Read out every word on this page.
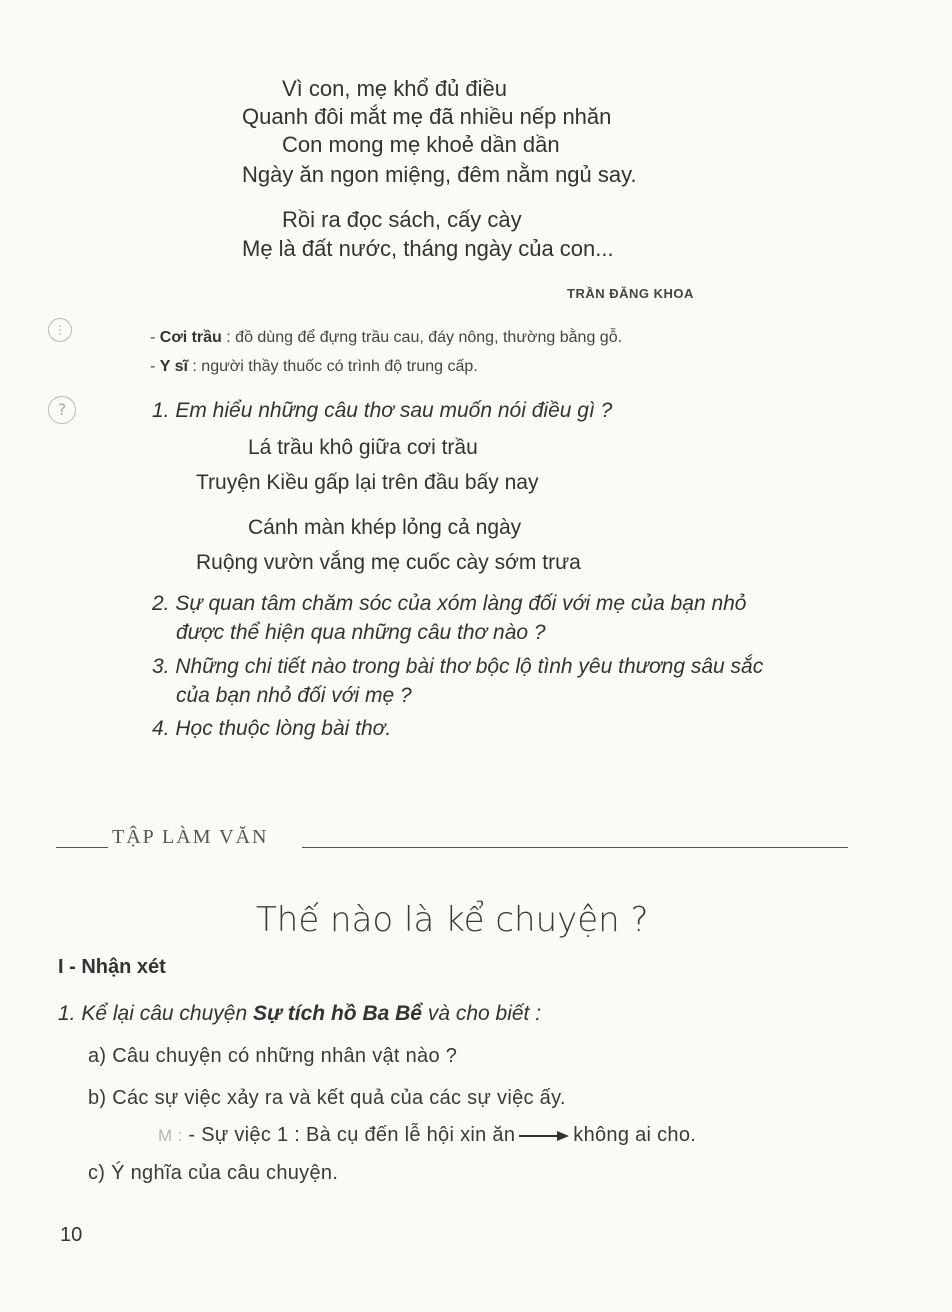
Vì con, mẹ khổ đủ điều
Quanh đôi mắt mẹ đã nhiều nếp nhăn
Con mong mẹ khoẻ dần dần
Ngày ăn ngon miệng, đêm nằm ngủ say.
Rồi ra đọc sách, cấy cày
Mẹ là đất nước, tháng ngày của con...
TRẦN ĐĂNG KHOA
⋮	- Cơi trầu : đồ dùng để đựng trầu cau, đáy nông, thường bằng gỗ.
- Y sĩ : người thầy thuốc có trình độ trung cấp.
?	1. Em hiểu những câu thơ sau muốn nói điều gì ?
Lá trầu khô giữa cơi trầu
Truyện Kiều gấp lại trên đầu bấy nay
Cánh màn khép lỏng cả ngày
Ruộng vườn vắng mẹ cuốc cày sớm trưa
2. Sự quan tâm chăm sóc của xóm làng đối với mẹ của bạn nhỏ
được thể hiện qua những câu thơ nào ?
3. Những chi tiết nào trong bài thơ bộc lộ tình yêu thương sâu sắc
của bạn nhỏ đối với mẹ ?
4. Học thuộc lòng bài thơ.
TẬP LÀM VĂN
Thế nào là kể chuyện ?
I - Nhận xét
1. Kể lại câu chuyện Sự tích hồ Ba Bể và cho biết :
a) Câu chuyện có những nhân vật nào ?
b) Các sự việc xảy ra và kết quả của các sự việc ấy.
M : - Sự việc 1 : Bà cụ đến lễ hội xin ăn	không ai cho.
c) Ý nghĩa của câu chuyện.
10
